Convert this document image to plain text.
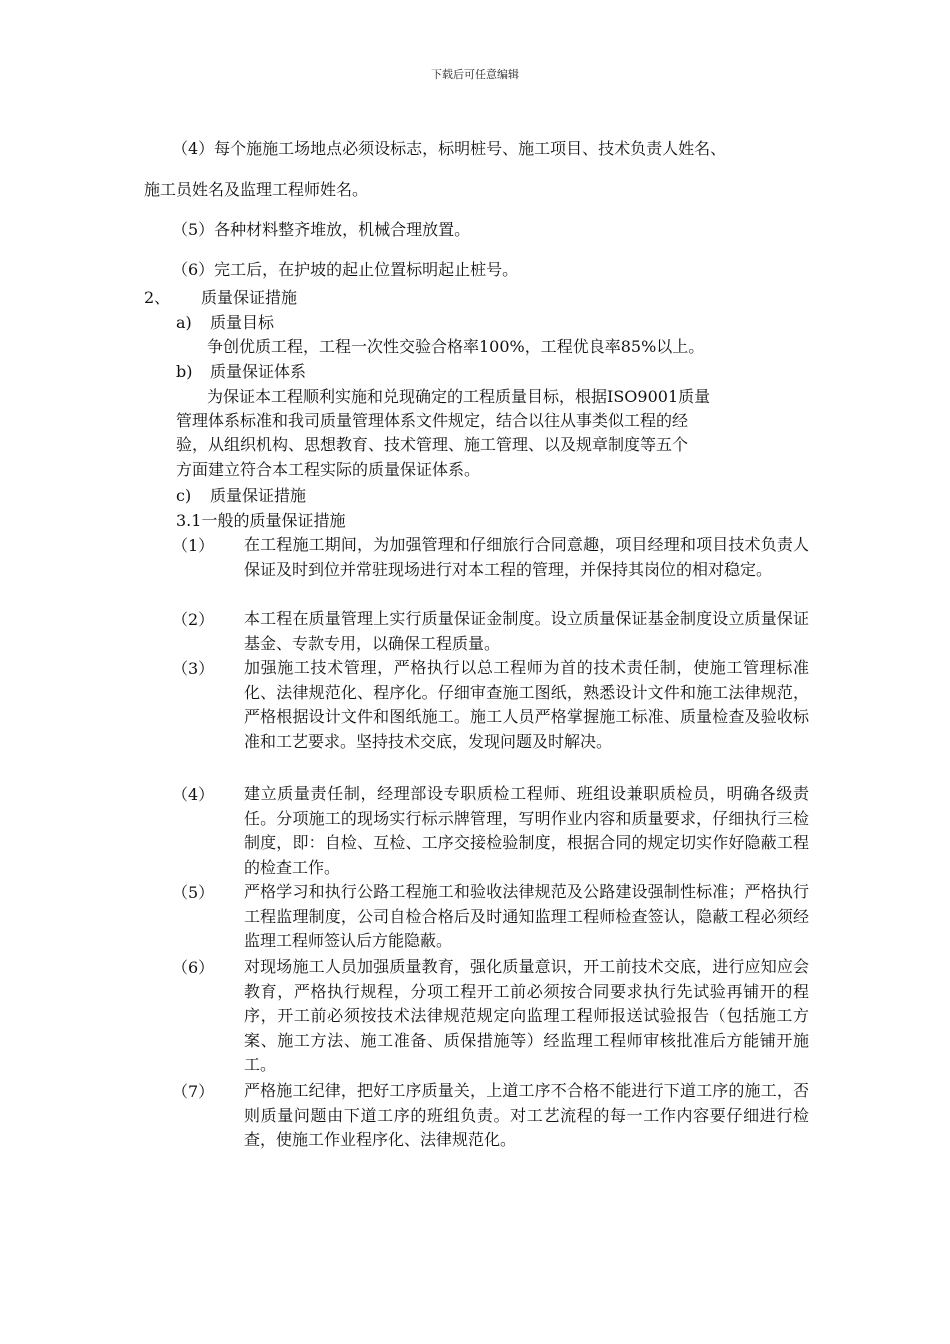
下载后可任意编辑
（4）每个施施工场地点必须设标志，标明桩号、施工项目、技术负责人姓名、
施工员姓名及监理工程师姓名。
（5）各种材料整齐堆放，机械合理放置。
（6）完工后，在护坡的起止位置标明起止桩号。
2、 质量保证措施
a) 质量目标
争创优质工程，工程一次性交验合格率100%，工程优良率85%以上。
b) 质量保证体系
为保证本工程顺利实施和兑现确定的工程质量目标，根据ISO9001质量
管理体系标准和我司质量管理体系文件规定，结合以往从事类似工程的经
验，从组织机构、思想教育、技术管理、施工管理、以及规章制度等五个
方面建立符合本工程实际的质量保证体系。
c) 质量保证措施
3.1一般的质量保证措施
（1） 在工程施工期间，为加强管理和仔细旅行合同意趣，项目经理和项目技术负责人保证及时到位并常驻现场进行对本工程的管理，并保持其岗位的相对稳定。
（2） 本工程在质量管理上实行质量保证金制度。设立质量保证基金制度设立质量保证基金、专款专用，以确保工程质量。
（3） 加强施工技术管理，严格执行以总工程师为首的技术责任制，使施工管理标准化、法律规范化、程序化。仔细审查施工图纸，熟悉设计文件和施工法律规范，严格根据设计文件和图纸施工。施工人员严格掌握施工标准、质量检查及验收标准和工艺要求。坚持技术交底，发现问题及时解决。
（4） 建立质量责任制，经理部设专职质检工程师、班组设兼职质检员，明确各级责任。分项施工的现场实行标示牌管理，写明作业内容和质量要求，仔细执行三检制度，即：自检、互检、工序交接检验制度，根据合同的规定切实作好隐蔽工程的检查工作。
（5） 严格学习和执行公路工程施工和验收法律规范及公路建设强制性标准；严格执行工程监理制度，公司自检合格后及时通知监理工程师检查签认，隐蔽工程必须经监理工程师签认后方能隐蔽。
（6） 对现场施工人员加强质量教育，强化质量意识，开工前技术交底，进行应知应会教育，严格执行规程，分项工程开工前必须按合同要求执行先试验再铺开的程序，开工前必须按技术法律规范规定向监理工程师报送试验报告（包括施工方案、施工方法、施工准备、质保措施等）经监理工程师审核批准后方能铺开施工。
（7） 严格施工纪律，把好工序质量关，上道工序不合格不能进行下道工序的施工，否则质量问题由下道工序的班组负责。对工艺流程的每一工作内容要仔细进行检查，使施工作业程序化、法律规范化。
